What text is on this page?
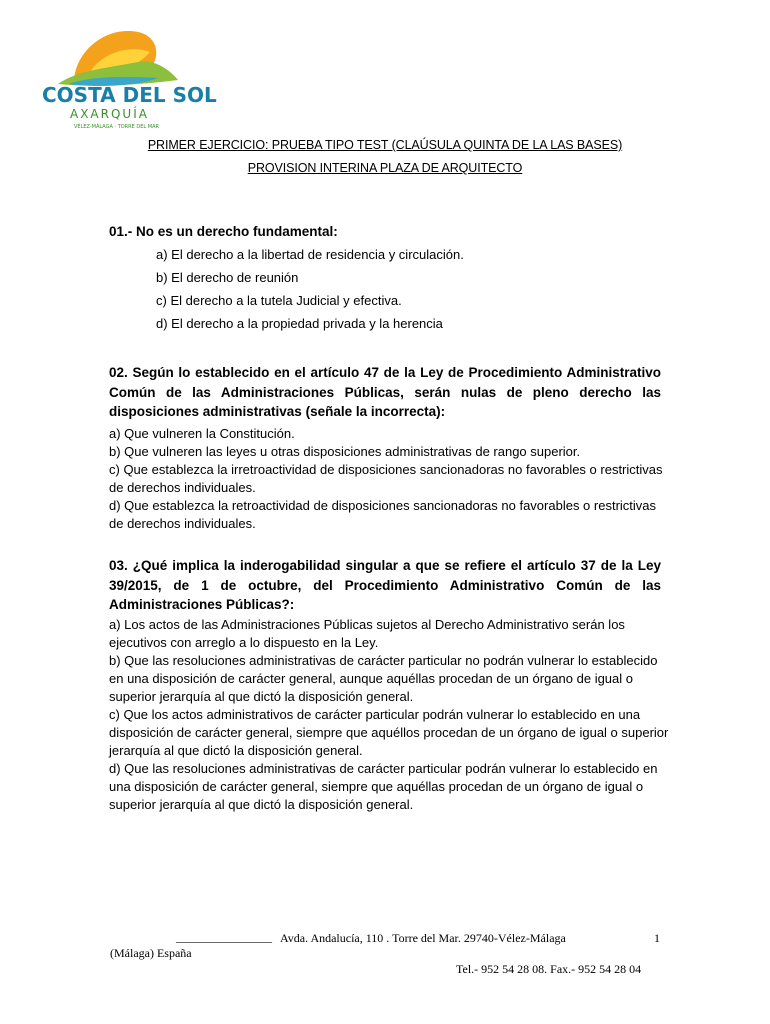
COSTA DEL SOL
AXARQUÍA
VÉLEZ-MÁLAGA · TORRE DEL MAR
PRIMER EJERCICIO: PRUEBA TIPO TEST (CLAÚSULA QUINTA DE LA LAS BASES)
PROVISION INTERINA PLAZA DE ARQUITECTO
01.- No es un derecho fundamental:
a) El derecho a la libertad de residencia y circulación.
b) El derecho de reunión
c) El derecho a la tutela Judicial y efectiva.
d) El derecho a la propiedad privada y la herencia
02. Según lo establecido en el artículo 47 de la Ley de Procedimiento Administrativo Común de las Administraciones Públicas, serán nulas de pleno derecho las disposiciones administrativas (señale la incorrecta):
a) Que vulneren la Constitución.
b) Que vulneren las leyes u otras disposiciones administrativas de rango superior.
c) Que establezca la irretroactividad de disposiciones sancionadoras no favorables o restrictivas de derechos individuales.
d) Que establezca la retroactividad de disposiciones sancionadoras no favorables o restrictivas de derechos individuales.
03. ¿Qué implica la inderogabilidad singular a que se refiere el artículo 37 de la Ley 39/2015, de 1 de octubre, del Procedimiento Administrativo Común de las Administraciones Públicas?:
a) Los actos de las Administraciones Públicas sujetos al Derecho Administrativo serán los ejecutivos con arreglo a lo dispuesto en la Ley.
b) Que las resoluciones administrativas de carácter particular no podrán vulnerar lo establecido en una disposición de carácter general, aunque aquéllas procedan de un órgano de igual o superior jerarquía al que dictó la disposición general.
c) Que los actos administrativos de carácter particular podrán vulnerar lo establecido en una disposición de carácter general, siempre que aquéllos procedan de un órgano de igual o superior jerarquía al que dictó la disposición general.
d) Que las resoluciones administrativas de carácter particular podrán vulnerar lo establecido en una disposición de carácter general, siempre que aquéllas procedan de un órgano de igual o superior jerarquía al que dictó la disposición general.
________________ Avda. Andalucía, 110 . Torre del Mar. 29740-Vélez-Málaga	1
(Málaga) España
Tel.- 952 54 28 08. Fax.- 952 54 28 04
